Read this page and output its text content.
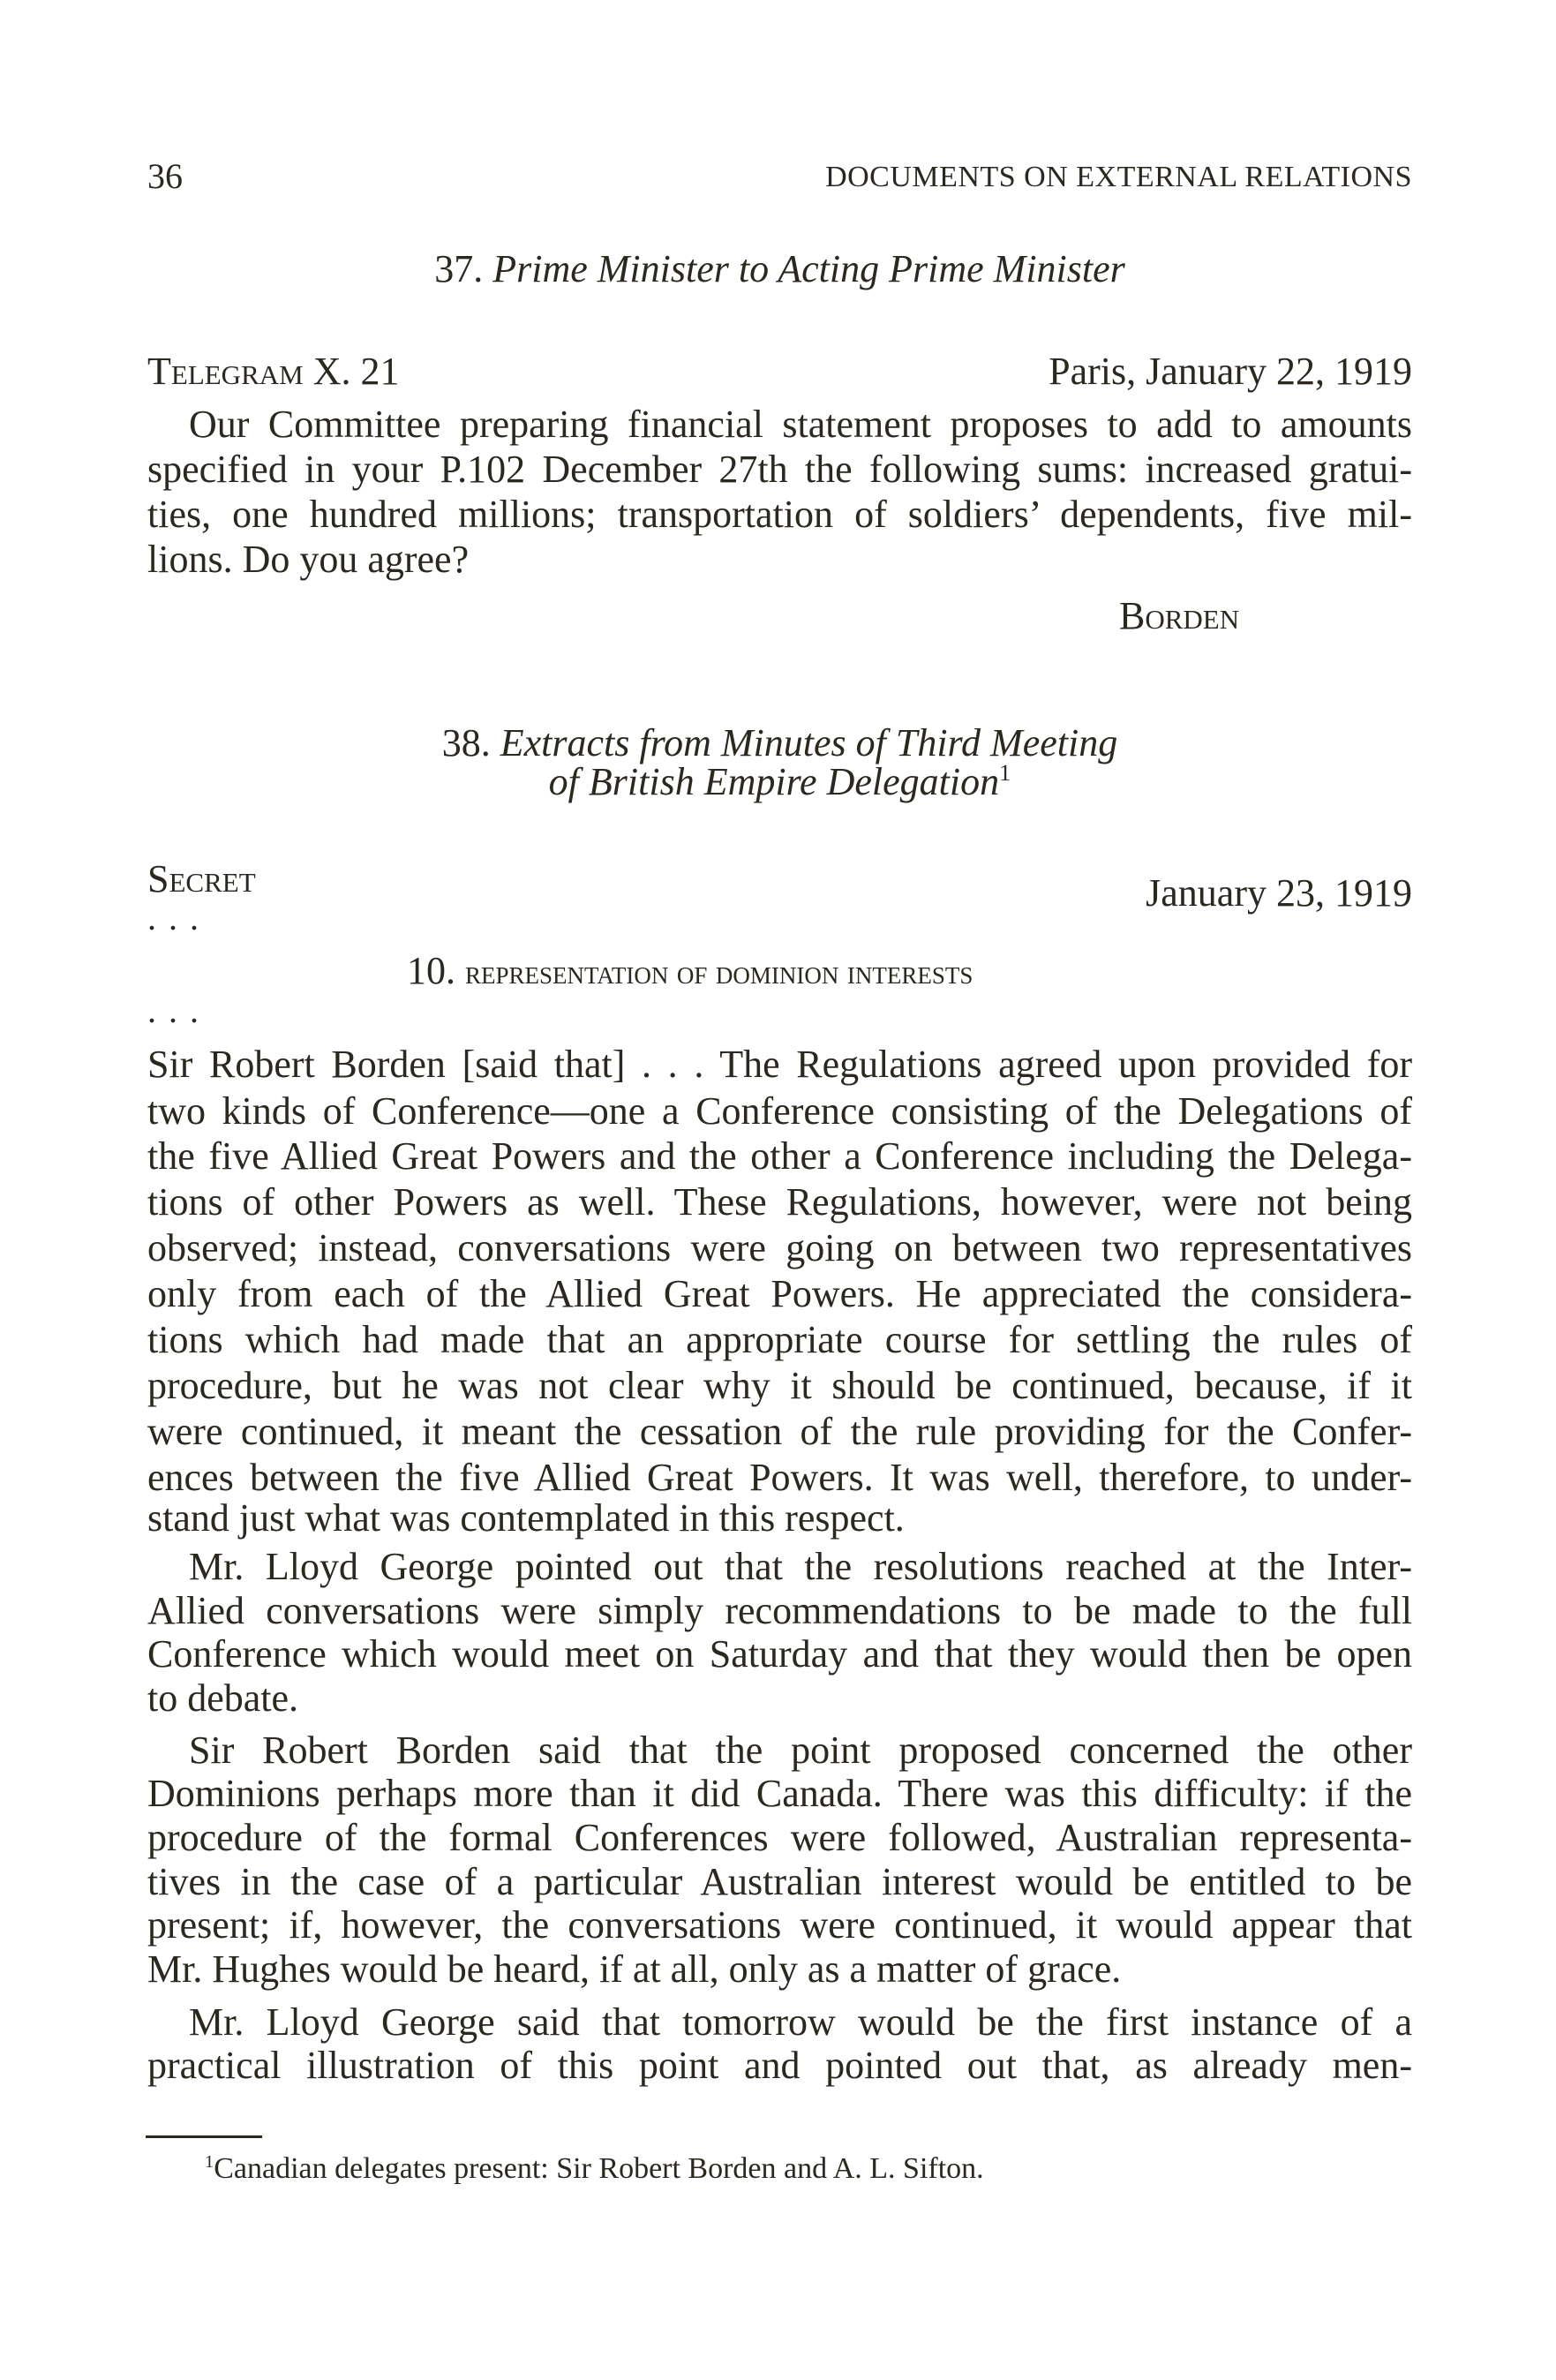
36	DOCUMENTS ON EXTERNAL RELATIONS
37. Prime Minister to Acting Prime Minister
Telegram X. 21	Paris, January 22, 1919
Our Committee preparing financial statement proposes to add to amounts
specified in your P.102 December 27th the following sums: increased gratui-
ties, one hundred millions; transportation of soldiers’ dependents, five mil-
lions. Do you agree?
Borden
38. Extracts from Minutes of Third Meeting
of British Empire Delegation$^1$
Secret	January 23, 1919
...
10. representation of dominion interests
...
Sir Robert Borden [said that] . . . The Regulations agreed upon provided for
two kinds of Conference—one a Conference consisting of the Delegations of
the five Allied Great Powers and the other a Conference including the Delega-
tions of other Powers as well. These Regulations, however, were not being
observed; instead, conversations were going on between two representatives
only from each of the Allied Great Powers. He appreciated the considera-
tions which had made that an appropriate course for settling the rules of
procedure, but he was not clear why it should be continued, because, if it
were continued, it meant the cessation of the rule providing for the Confer-
ences between the five Allied Great Powers. It was well, therefore, to under-
stand just what was contemplated in this respect.
Mr. Lloyd George pointed out that the resolutions reached at the Inter-
Allied conversations were simply recommendations to be made to the full
Conference which would meet on Saturday and that they would then be open
to debate.
Sir Robert Borden said that the point proposed concerned the other
Dominions perhaps more than it did Canada. There was this difficulty: if the
procedure of the formal Conferences were followed, Australian representa-
tives in the case of a particular Australian interest would be entitled to be
present; if, however, the conversations were continued, it would appear that
Mr. Hughes would be heard, if at all, only as a matter of grace.
Mr. Lloyd George said that tomorrow would be the first instance of a
practical illustration of this point and pointed out that, as already men-
$^1$Canadian delegates present: Sir Robert Borden and A. L. Sifton.
